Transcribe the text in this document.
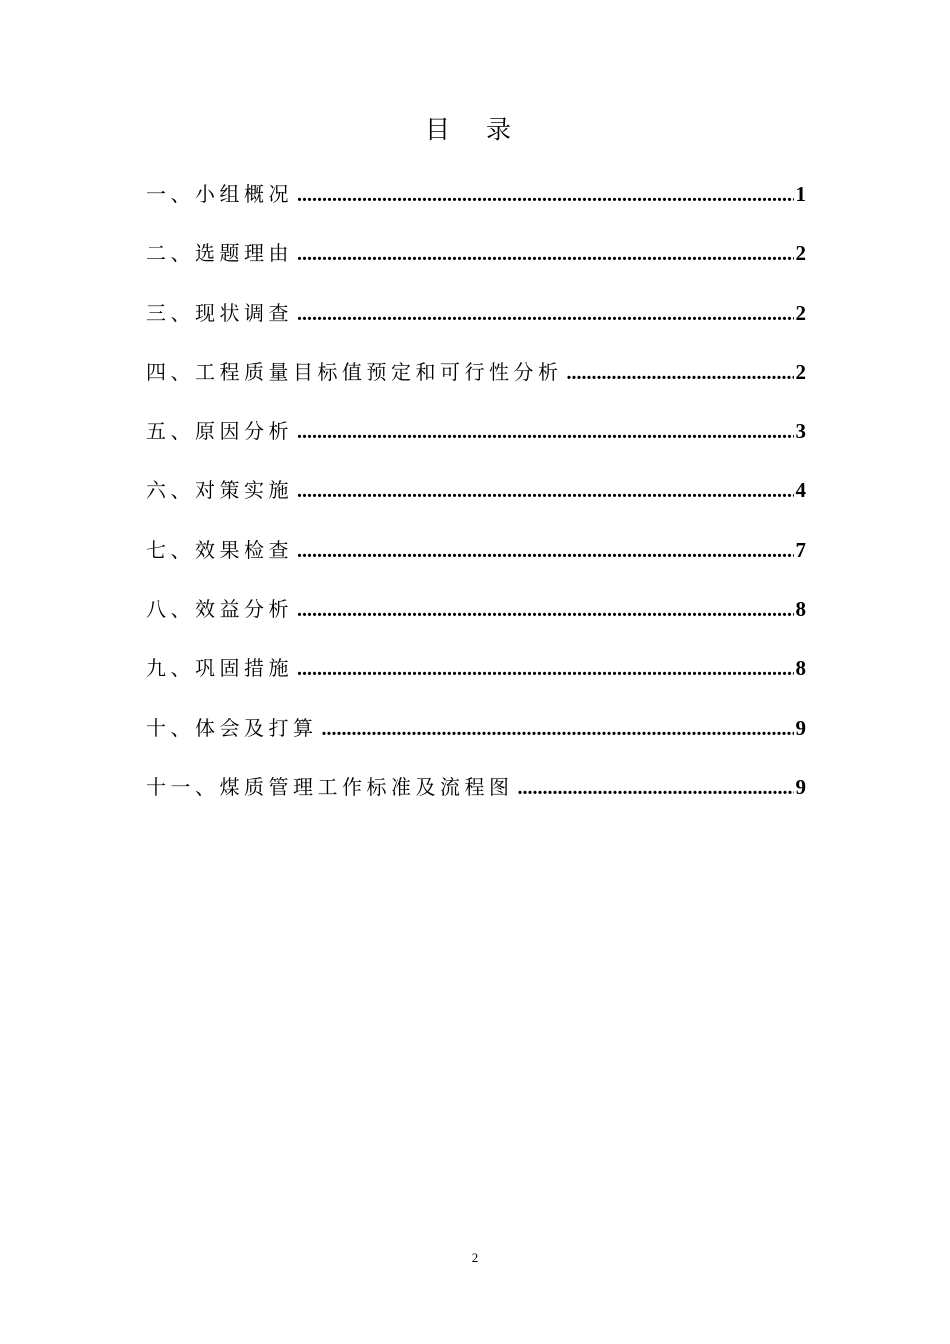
目 录
一、小组概况 .....	1
二、选题理由 .....	2
三、现状调查 .....	2
四、工程质量目标值预定和可行性分析 .....	2
五、原因分析 .....	3
六、对策实施 .....	4
七、效果检查 .....	7
八、效益分析 .....	8
九、巩固措施 .....	8
十、体会及打算 .....	9
十一、煤质管理工作标准及流程图 .....	9
2
